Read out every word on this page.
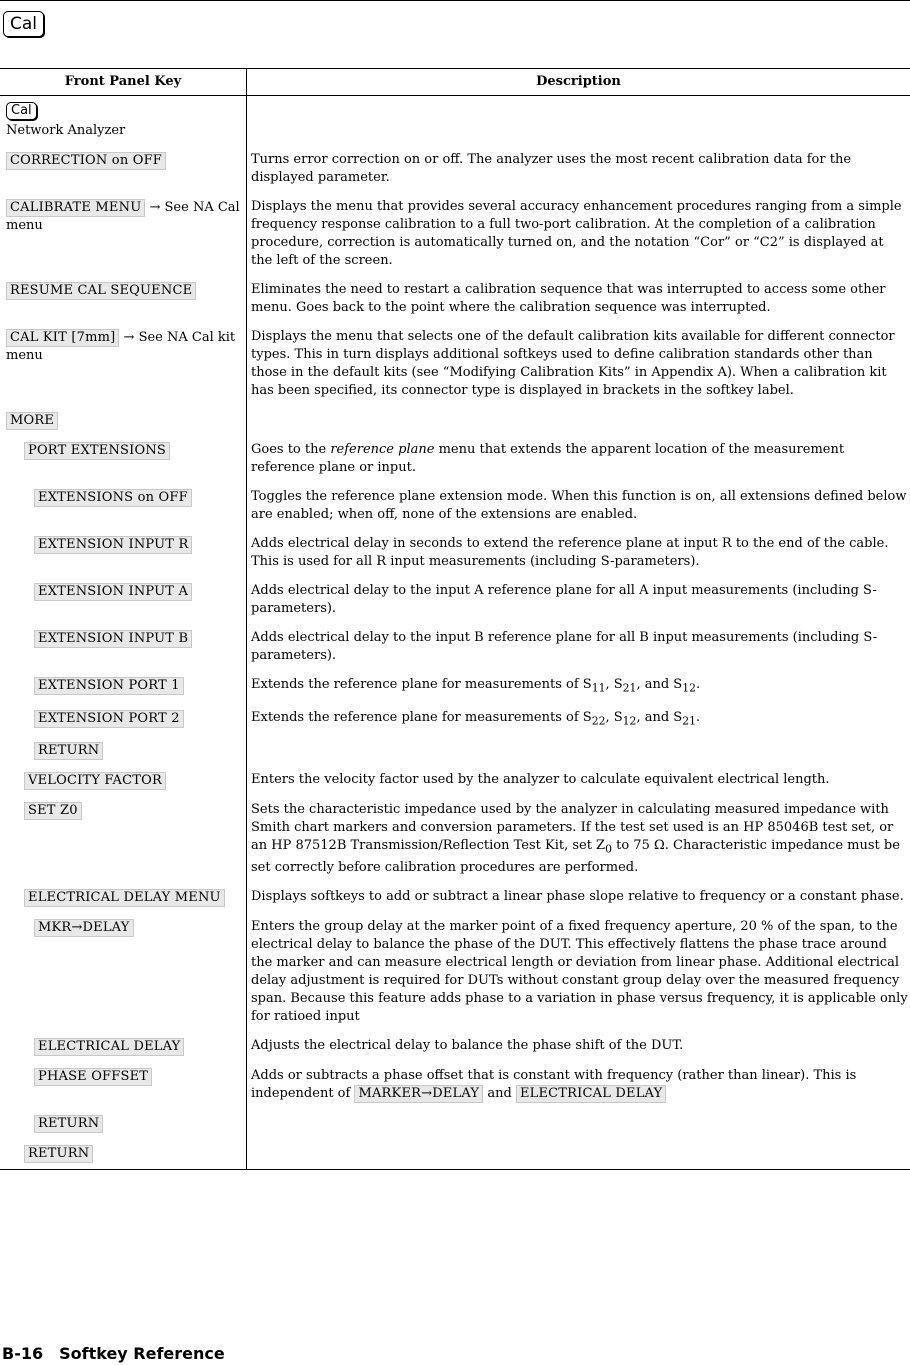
Cal
Front Panel Key	Description
Cal
Network Analyzer	

CORRECTION on OFF	Turns error correction on or off. The analyzer uses the most recent calibration data for the displayed parameter.
CALIBRATE MENU → See NA Cal menu	Displays the menu that provides several accuracy enhancement procedures ranging from a simple frequency response calibration to a full two-port calibration. At the completion of a calibration procedure, correction is automatically turned on, and the notation “Cor” or “C2” is displayed at the left of the screen.
RESUME CAL SEQUENCE	Eliminates the need to restart a calibration sequence that was interrupted to access some other menu. Goes back to the point where the calibration sequence was interrupted.
CAL KIT [7mm] → See NA Cal kit menu	Displays the menu that selects one of the default calibration kits available for different connector types. This in turn displays additional softkeys used to define calibration standards other than those in the default kits (see “Modifying Calibration Kits” in Appendix A). When a calibration kit has been specified, its connector type is displayed in brackets in the softkey label.
MORE	
PORT EXTENSIONS	Goes to the reference plane menu that extends the apparent location of the measurement reference plane or input.
EXTENSIONS on OFF	Toggles the reference plane extension mode. When this function is on, all extensions defined below are enabled; when off, none of the extensions are enabled.
EXTENSION INPUT R	Adds electrical delay in seconds to extend the reference plane at input R to the end of the cable. This is used for all R input measurements (including S-parameters).
EXTENSION INPUT A	Adds electrical delay to the input A reference plane for all A input measurements (including S-parameters).
EXTENSION INPUT B	Adds electrical delay to the input B reference plane for all B input measurements (including S-parameters).
EXTENSION PORT 1	Extends the reference plane for measurements of $S_{11}$, $S_{21}$, and $S_{12}$.
EXTENSION PORT 2	Extends the reference plane for measurements of $S_{22}$, $S_{12}$, and $S_{21}$.
RETURN	
VELOCITY FACTOR	Enters the velocity factor used by the analyzer to calculate equivalent electrical length.
SET Z0	Sets the characteristic impedance used by the analyzer in calculating measured impedance with Smith chart markers and conversion parameters. If the test set used is an HP 85046B test set, or an HP 87512B Transmission/Reflection Test Kit, set $Z_0$ to 75 Ω. Characteristic impedance must be set correctly before calibration procedures are performed.
ELECTRICAL DELAY MENU	Displays softkeys to add or subtract a linear phase slope relative to frequency or a constant phase.
MKR→DELAY	Enters the group delay at the marker point of a fixed frequency aperture, 20 % of the span, to the electrical delay to balance the phase of the DUT. This effectively flattens the phase trace around the marker and can measure electrical length or deviation from linear phase. Additional electrical delay adjustment is required for DUTs without constant group delay over the measured frequency span. Because this feature adds phase to a variation in phase versus frequency, it is applicable only for ratioed input
ELECTRICAL DELAY	Adjusts the electrical delay to balance the phase shift of the DUT.
PHASE OFFSET	Adds or subtracts a phase offset that is constant with frequency (rather than linear). This is independent of MARKER→DELAY and ELECTRICAL DELAY
RETURN	
RETURN	
B-16 Softkey Reference
